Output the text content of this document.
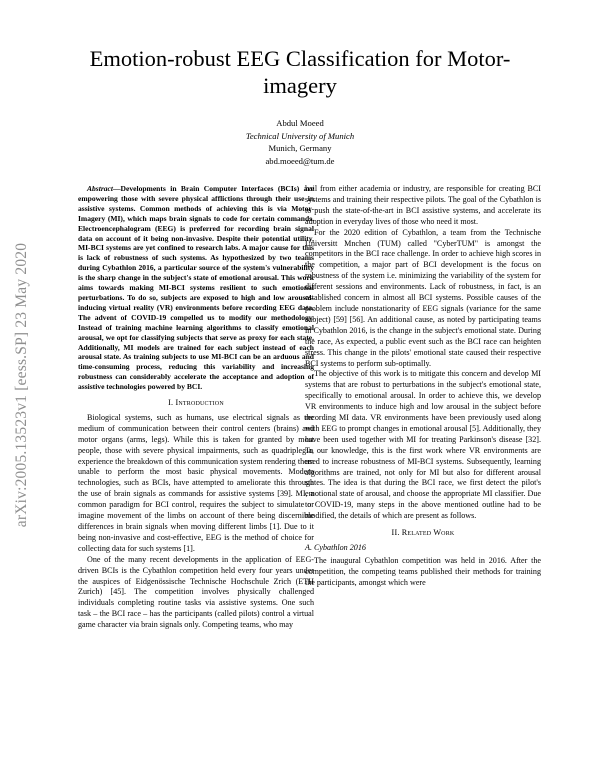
arXiv:2005.13523v1 [eess.SP] 23 May 2020
Emotion-robust EEG Classification for Motor-imagery
Abdul Moeed
Technical University of Munich
Munich, Germany
abd.moeed@tum.de

Abstract—Developments in Brain Computer Interfaces (BCIs) are empowering those with severe physical afflictions through their use in assistive systems. Common methods of achieving this is via Motor-Imagery (MI), which maps brain signals to code for certain commands. Electroencephalogram (EEG) is preferred for recording brain signal data on account of it being non-invasive. Despite their potential utility, MI-BCI systems are yet confined to research labs. A major cause for this is lack of robustness of such systems. As hypothesized by two teams during Cybathlon 2016, a particular source of the system's vulnerability is the sharp change in the subject's state of emotional arousal. This work aims towards making MI-BCI systems resilient to such emotional perturbations. To do so, subjects are exposed to high and low arousal-inducing virtual reality (VR) environments before recording EEG data. The advent of COVID-19 compelled us to modify our methodology. Instead of training machine learning algorithms to classify emotional arousal, we opt for classifying subjects that serve as proxy for each state. Additionally, MI models are trained for each subject instead of each arousal state. As training subjects to use MI-BCI can be an arduous and time-consuming process, reducing this variability and increasing robustness can considerably accelerate the acceptance and adoption of assistive technologies powered by BCI.

I. Introduction

Biological systems, such as humans, use electrical signals as the medium of communication between their control centers (brains) and motor organs (arms, legs). While this is taken for granted by most people, those with severe physical impairments, such as quadriplegia, experience the breakdown of this communication system rendering them unable to perform the most basic physical movements. Modern technologies, such as BCIs, have attempted to ameliorate this through the use of brain signals as commands for assistive systems [39]. MI, a common paradigm for BCI control, requires the subject to simulate or imagine movement of the limbs on account of there being discernible differences in brain signals when moving different limbs [1]. Due to it being non-invasive and cost-effective, EEG is the method of choice for collecting data for such systems [1].

One of the many recent developments in the application of EEG-driven BCIs is the Cybathlon competition held every four years under the auspices of Eidgenössische Technische Hochschule Zrich (ETH Zurich) [45]. The competition involves physically challenged individuals completing routine tasks via assistive systems. One such task – the BCI race – has the participants (called pilots) control a virtual game character via brain signals only. Competing teams, who may

hail from either academia or industry, are responsible for creating BCI systems and training their respective pilots. The goal of the Cybathlon is to push the state-of-the-art in BCI assistive systems, and accelerate its adoption in everyday lives of those who need it most.

For the 2020 edition of Cybathlon, a team from the Technische Universitt Mnchen (TUM) called "CyberTUM" is amongst the competitors in the BCI race challenge. In order to achieve high scores in the competition, a major part of BCI development is the focus on robustness of the system i.e. minimizing the variability of the system for different sessions and environments. Lack of robustness, in fact, is an established concern in almost all BCI systems. Possible causes of the problem include nonstationarity of EEG signals (variance for the same subject) [59] [56]. An additional cause, as noted by participating teams in Cybathlon 2016, is the change in the subject's emotional state. During the race, As expected, a public event such as the BCI race can heighten stress. This change in the pilots' emotional state caused their respective BCI systems to perform sub-optimally.

The objective of this work is to mitigate this concern and develop MI systems that are robust to perturbations in the subject's emotional state, specifically to emotional arousal. In order to achieve this, we develop VR environments to induce high and low arousal in the subject before recording MI data. VR environments have been previously used along with EEG to prompt changes in emotional arousal [5]. Additionally, they have been used together with MI for treating Parkinson's disease [32]. To our knowledge, this is the first work where VR environments are used to increase robustness of MI-BCI systems. Subsequently, learning algorithms are trained, not only for MI but also for different arousal states. The idea is that during the BCI race, we first detect the pilot's emotional state of arousal, and choose the appropriate MI classifier. Due to COVID-19, many steps in the above mentioned outline had to be modified, the details of which are present as follows.

II. Related Work
A. Cybathlon 2016

The inaugural Cybathlon competition was held in 2016. After the competition, the competing teams published their methods for training the participants, amongst which were
